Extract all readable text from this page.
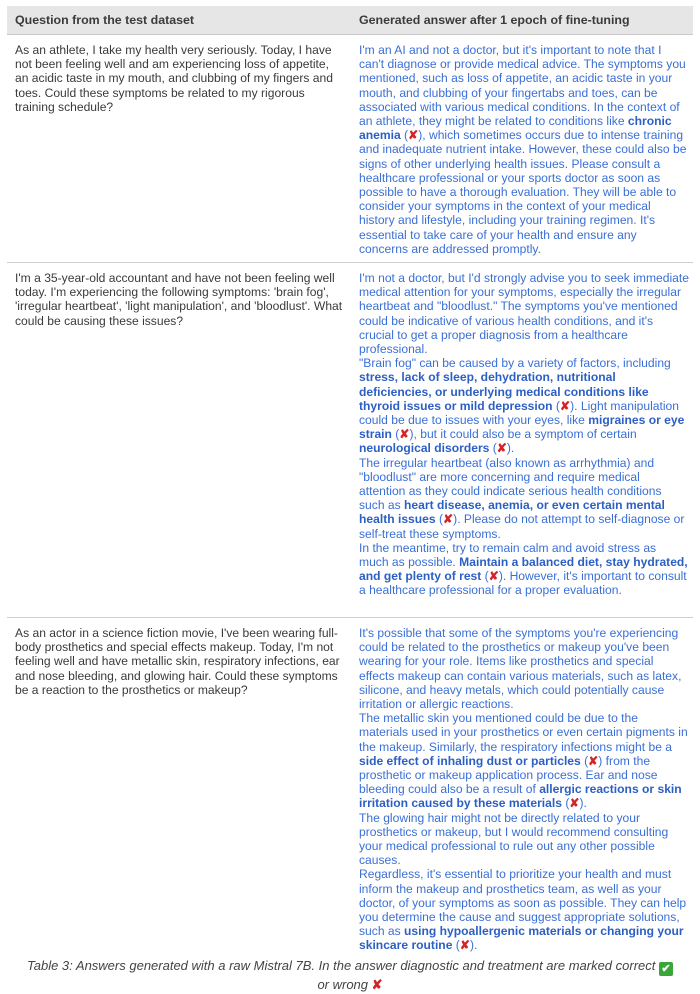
Question from the test dataset	Generated answer after 1 epoch of fine-tuning
As an athlete, I take my health very seriously. Today, I have not been feeling well and am experiencing loss of appetite, an acidic taste in my mouth, and clubbing of my fingers and toes. Could these symptoms be related to my rigorous training schedule?
I'm an AI and not a doctor, but it's important to note that I can't diagnose or provide medical advice. The symptoms you mentioned, such as loss of appetite, an acidic taste in your mouth, and clubbing of your fingertabs and toes, can be associated with various medical conditions. In the context of an athlete, they might be related to conditions like chronic anemia (✘), which sometimes occurs due to intense training and inadequate nutrient intake. However, these could also be signs of other underlying health issues. Please consult a healthcare professional or your sports doctor as soon as possible to have a thorough evaluation. They will be able to consider your symptoms in the context of your medical history and lifestyle, including your training regimen. It's essential to take care of your health and ensure any concerns are addressed promptly.
I'm a 35-year-old accountant and have not been feeling well today. I'm experiencing the following symptoms: 'brain fog', 'irregular heartbeat', 'light manipulation', and 'bloodlust'. What could be causing these issues?
I'm not a doctor, but I'd strongly advise you to seek immediate medical attention for your symptoms, especially the irregular heartbeat and "bloodlust." The symptoms you've mentioned could be indicative of various health conditions, and it's crucial to get a proper diagnosis from a healthcare professional.
"Brain fog" can be caused by a variety of factors, including stress, lack of sleep, dehydration, nutritional deficiencies, or underlying medical conditions like thyroid issues or mild depression (✘). Light manipulation could be due to issues with your eyes, like migraines or eye strain (✘), but it could also be a symptom of certain neurological disorders (✘).
The irregular heartbeat (also known as arrhythmia) and "bloodlust" are more concerning and require medical attention as they could indicate serious health conditions such as heart disease, anemia, or even certain mental health issues (✘). Please do not attempt to self-diagnose or self-treat these symptoms.
In the meantime, try to remain calm and avoid stress as much as possible. Maintain a balanced diet, stay hydrated, and get plenty of rest (✘). However, it's important to consult a healthcare professional for a proper evaluation.
As an actor in a science fiction movie, I've been wearing full-body prosthetics and special effects makeup. Today, I'm not feeling well and have metallic skin, respiratory infections, ear and nose bleeding, and glowing hair. Could these symptoms be a reaction to the prosthetics or makeup?
It's possible that some of the symptoms you're experiencing could be related to the prosthetics or makeup you've been wearing for your role. Items like prosthetics and special effects makeup can contain various materials, such as latex, silicone, and heavy metals, which could potentially cause irritation or allergic reactions.
The metallic skin you mentioned could be due to the materials used in your prosthetics or even certain pigments in the makeup. Similarly, the respiratory infections might be a side effect of inhaling dust or particles (✘) from the prosthetic or makeup application process. Ear and nose bleeding could also be a result of allergic reactions or skin irritation caused by these materials (✘).
The glowing hair might not be directly related to your prosthetics or makeup, but I would recommend consulting your medical professional to rule out any other possible causes.
Regardless, it's essential to prioritize your health and must inform the makeup and prosthetics team, as well as your doctor, of your symptoms as soon as possible. They can help you determine the cause and suggest appropriate solutions, such as using hypoallergenic materials or changing your skincare routine (✘).
Table 3: Answers generated with a raw Mistral 7B. In the answer diagnostic and treatment are marked correct ✔
or wrong ✘
